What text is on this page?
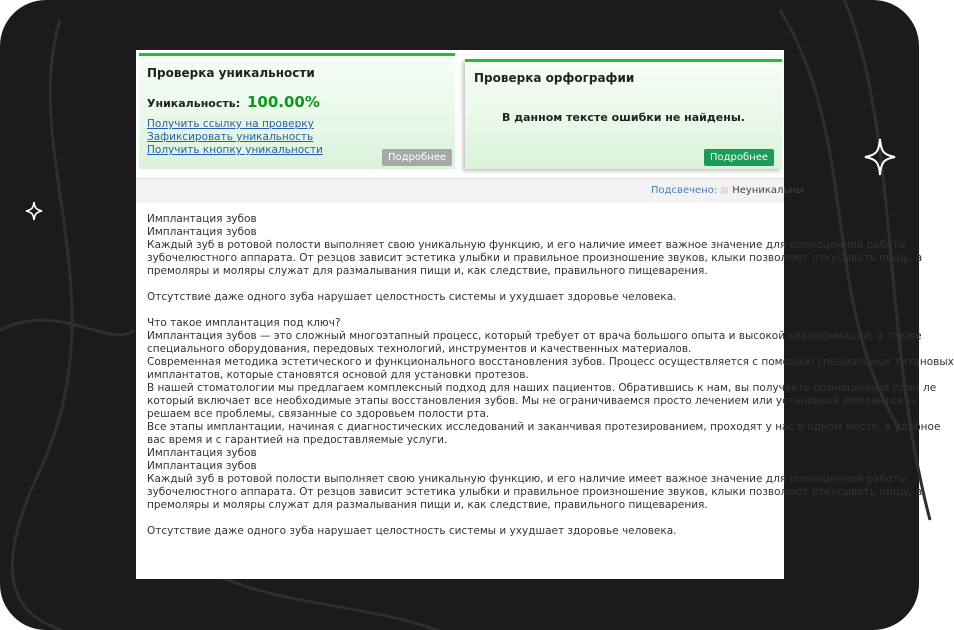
Проверка уникальности
Уникальность: 100.00%
Получить ссылку на проверку
Зафиксировать уникальность
Получить кнопку уникальности
Подробнее
Проверка орфографии
В данном тексте ошибки не найдены.
Подробнее
Подсвечено: Неуникальны
Имплантация зубов
Имплантация зубов
Каждый зуб в ротовой полости выполняет свою уникальную функцию, и его наличие имеет важное значение для полноценной работы
зубочелюстного аппарата. От резцов зависит эстетика улыбки и правильное произношение звуков, клыки позволяют откусывать пищу, а
премоляры и моляры служат для размалывания пищи и, как следствие, правильного пищеварения.
Отсутствие даже одного зуба нарушает целостность системы и ухудшает здоровье человека.
Что такое имплантация под ключ?
Имплантация зубов — это сложный многоэтапный процесс, который требует от врача большого опыта и высокой квалификации, а также
специального оборудования, передовых технологий, инструментов и качественных материалов.
Современная методика эстетического и функционального восстановления зубов. Процесс осуществляется с помощью специальных титановых
имплантатов, которые становятся основой для установки протезов.
В нашей стоматологии мы предлагаем комплексный подход для наших пациентов. Обратившись к нам, вы получаете полноценный план ле
который включает все необходимые этапы восстановления зубов. Мы не ограничиваемся просто лечением или установкой имплантов —
решаем все проблемы, связанные со здоровьем полости рта.
Все этапы имплантации, начиная с диагностических исследований и заканчивая протезированием, проходят у нас в одном месте, в удобное
вас время и с гарантией на предоставляемые услуги.
Имплантация зубов
Имплантация зубов
Каждый зуб в ротовой полости выполняет свою уникальную функцию, и его наличие имеет важное значение для полноценной работы
зубочелюстного аппарата. От резцов зависит эстетика улыбки и правильное произношение звуков, клыки позволяют откусывать пищу, а
премоляры и моляры служат для размалывания пищи и, как следствие, правильного пищеварения.
Отсутствие даже одного зуба нарушает целостность системы и ухудшает здоровье человека.
